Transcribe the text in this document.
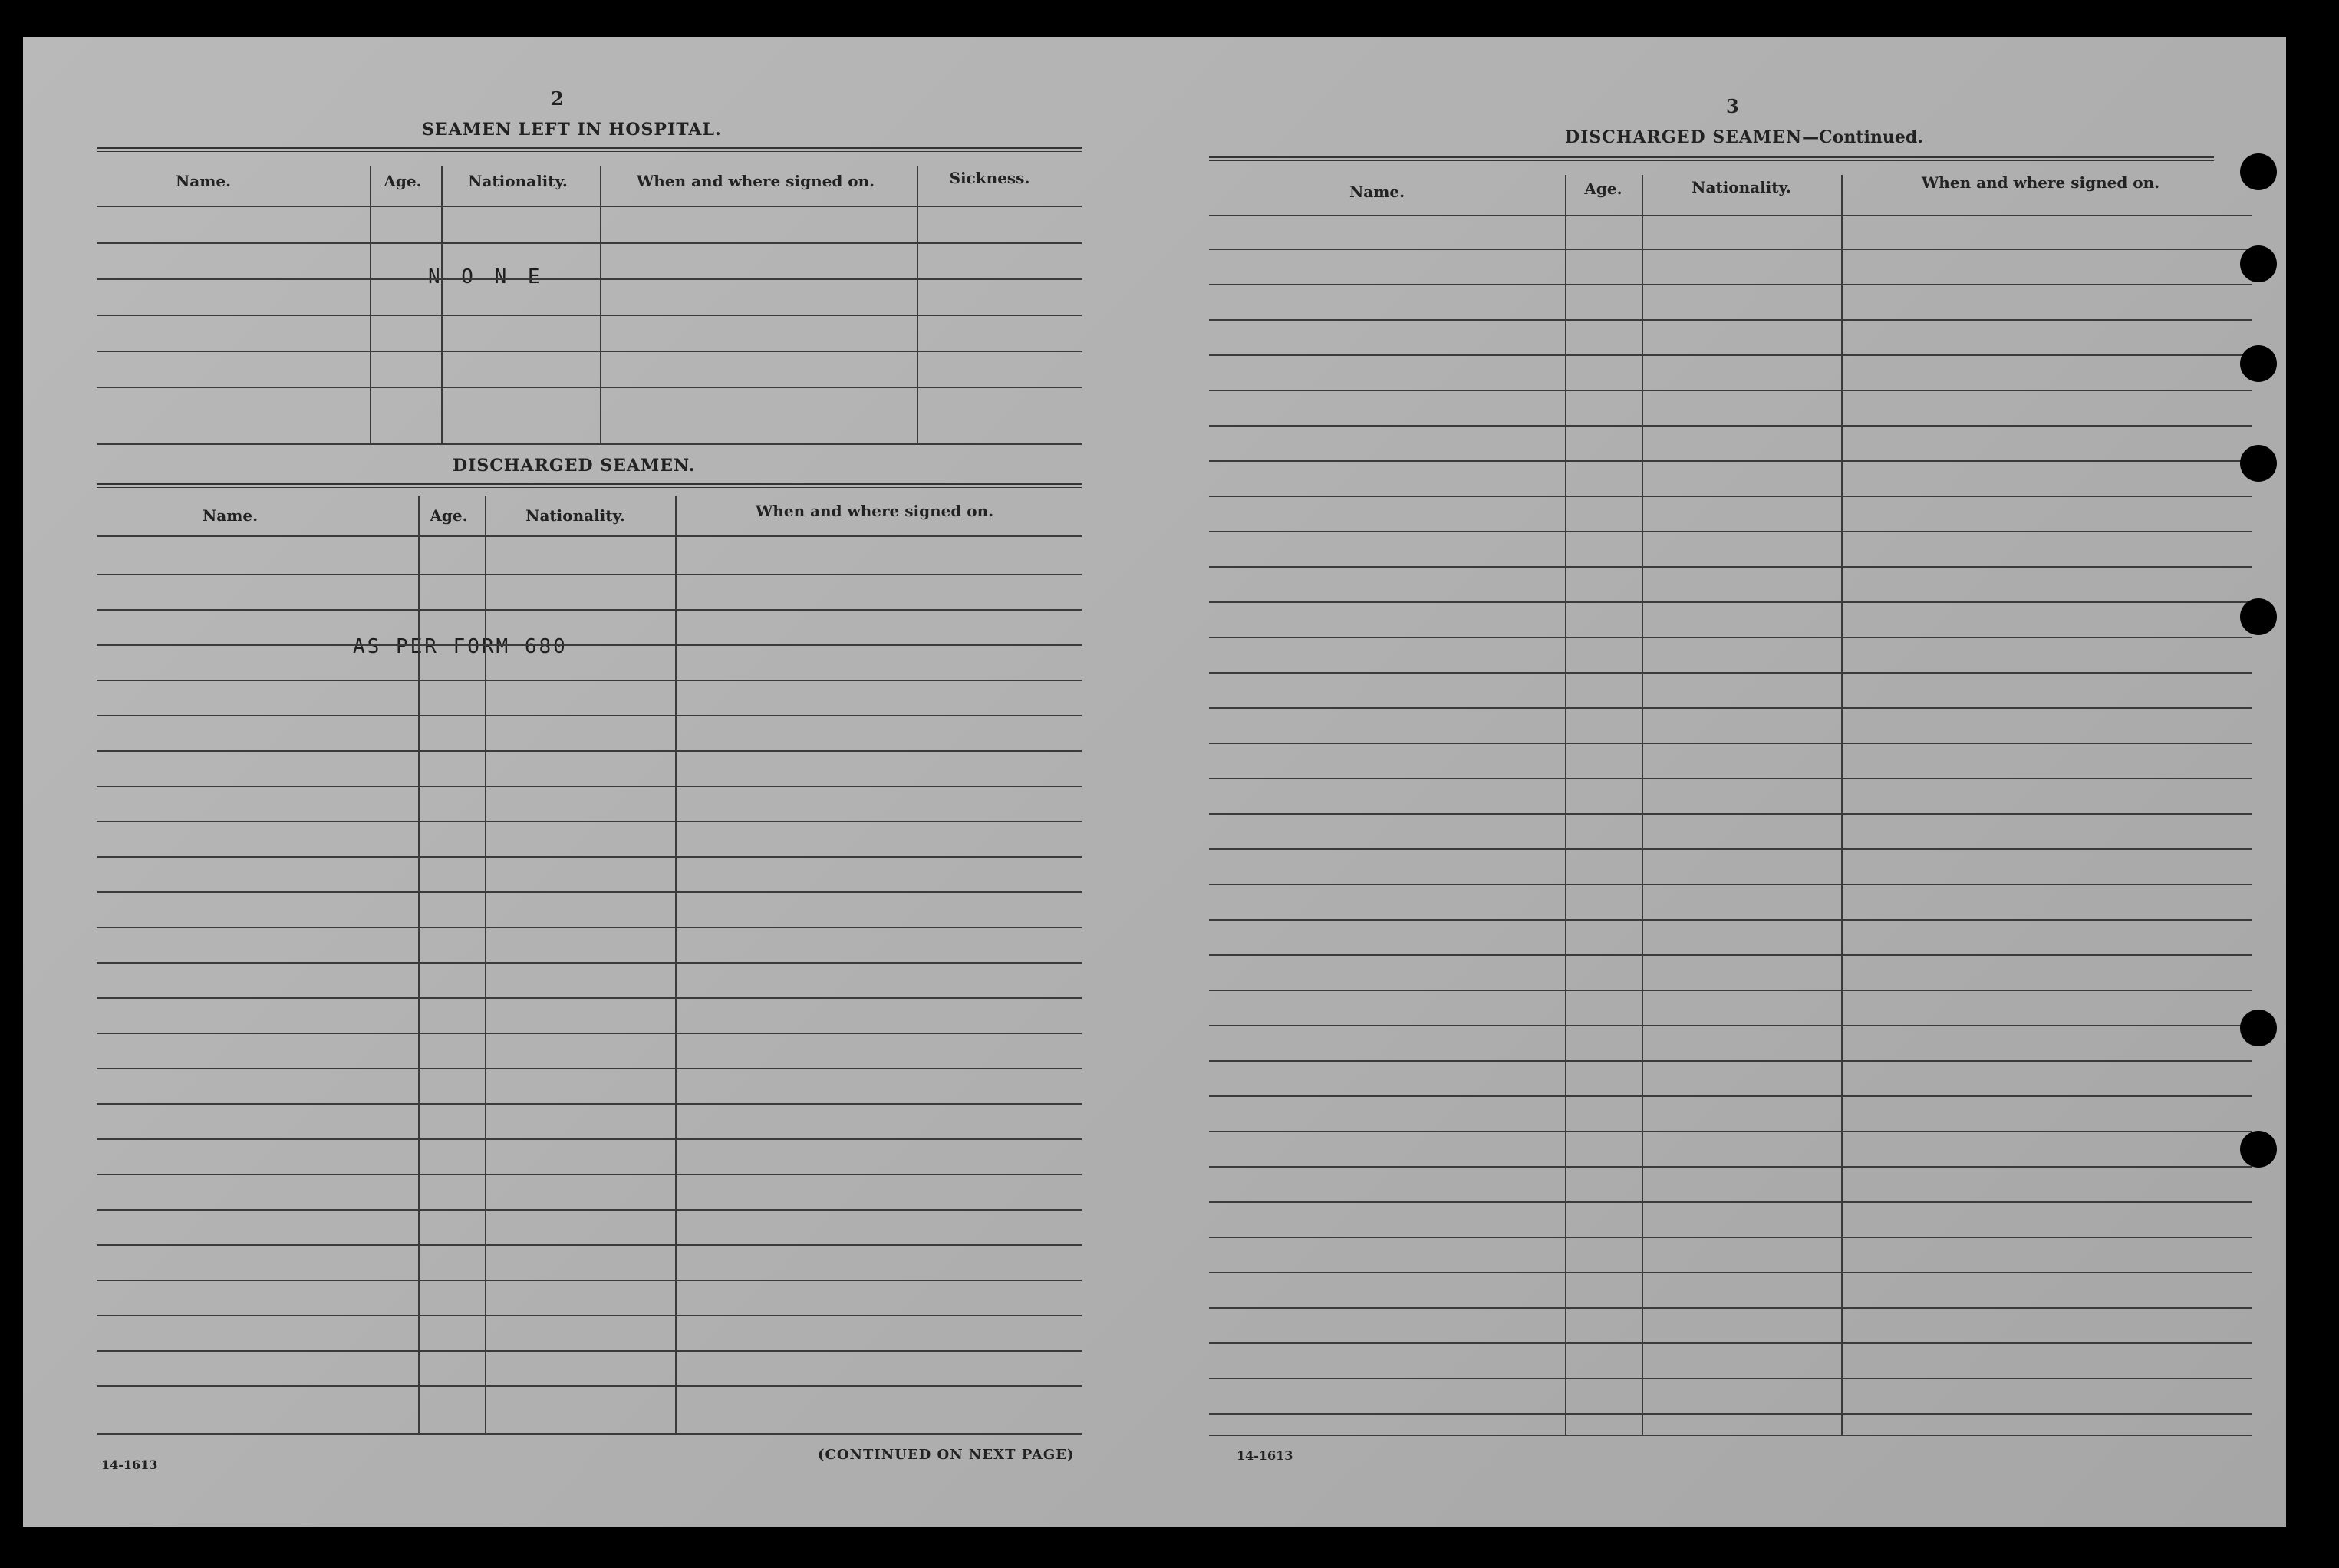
2
SEAMEN LEFT IN HOSPITAL.
Name.	Age.	Nationality.	When and where signed on.	Sickness.
N O N E
DISCHARGED SEAMEN.
Name.	Age.	Nationality.	When and where signed on.
AS PER FORM 680
14-1613
(CONTINUED ON NEXT PAGE)
3
DISCHARGED SEAMEN—Continued.
Name.	Age.	Nationality.	When and where signed on.
14-1613
